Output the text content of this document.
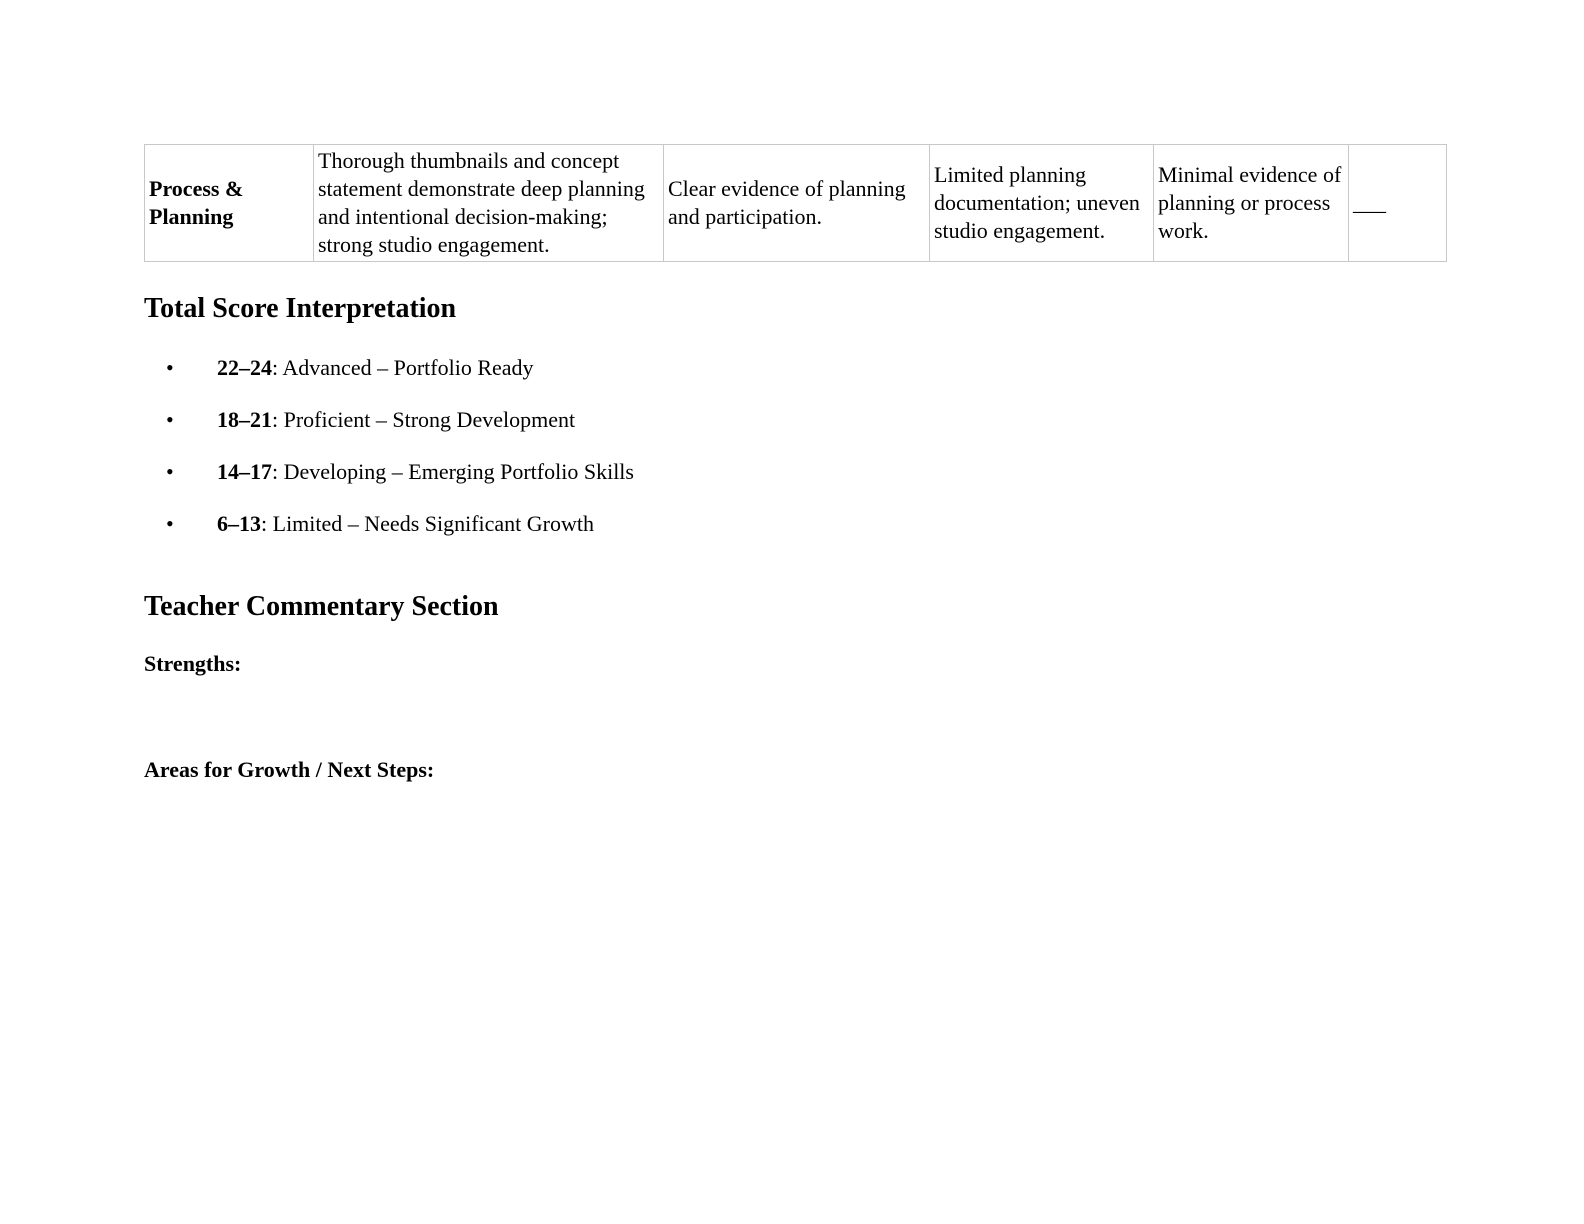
Process & Planning	Thorough thumbnails and concept statement demonstrate deep planning and intentional decision-making; strong studio engagement.	Clear evidence of planning and participation.	Limited planning documentation; uneven studio engagement.	Minimal evidence of planning or process work.	___
Total Score Interpretation
• 22–24: Advanced – Portfolio Ready
• 18–21: Proficient – Strong Development
• 14–17: Developing – Emerging Portfolio Skills
• 6–13: Limited – Needs Significant Growth
Teacher Commentary Section

Strengths:

Areas for Growth / Next Steps:
